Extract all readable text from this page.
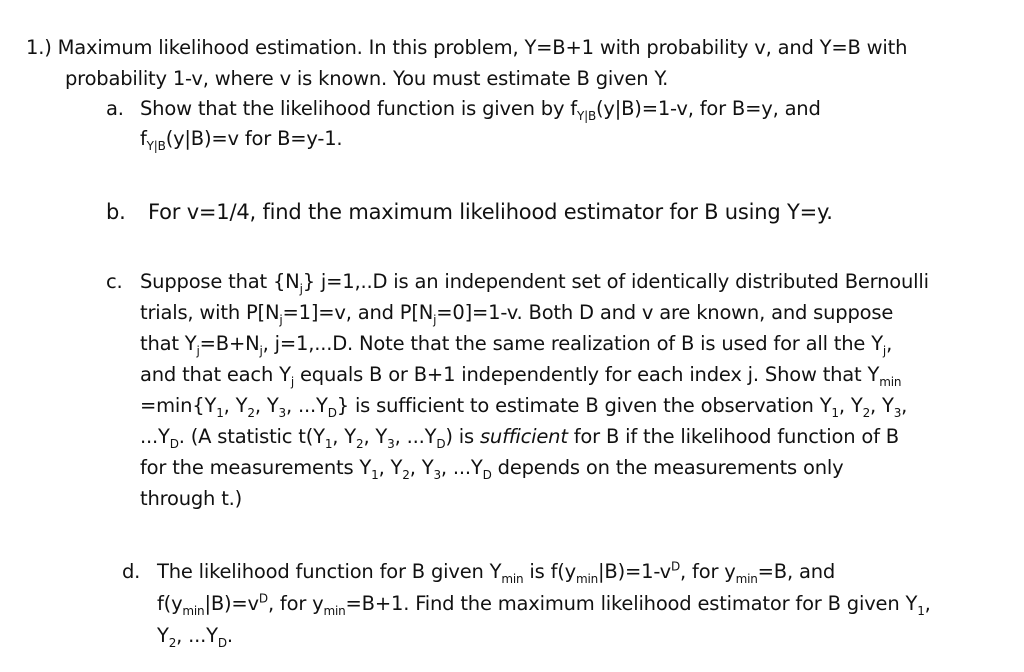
1.) Maximum likelihood estimation. In this problem, Y=B+1 with probability v, and Y=B with
probability 1-v, where v is known. You must estimate B given Y.
a. Show that the likelihood function is given by $f_{Y|B}(y|B)=1-v$, for B=y, and
$f_{Y|B}(y|B)=v$ for B=y-1.
b. For v=1/4, find the maximum likelihood estimator for B using Y=y.
c. Suppose that $\{N_j\}$ j=1,..D is an independent set of identically distributed Bernoulli
trials, with $P[N_j=1]=v$, and $P[N_j=0]=1-v$. Both D and v are known, and suppose
that $Y_j=B+N_j$, j=1,...D. Note that the same realization of B is used for all the $Y_j$,
and that each $Y_j$ equals B or B+1 independently for each index j. Show that $Y_{min}$
$=\min\{Y_1$, $Y_2$, $Y_3$, $...Y_D$} is sufficient to estimate B given the observation $Y_1$, $Y_2$, $Y_3$,
$...Y_D$. (A statistic $t(Y_1$, $Y_2$, $Y_3$, $...Y_D$) is sufficient for B if the likelihood function of B
for the measurements $Y_1$, $Y_2$, $Y_3$, $...Y_D$ depends on the measurements only
through t.)
d. The likelihood function for B given $Y_{min}$ is $f(y_{min}|B)=1-v^D$, for $y_{min}=B$, and
$f(y_{min}|B)=v^D$, for $y_{min}=B+1$. Find the maximum likelihood estimator for B given $Y_1$,
$Y_2$, $...Y_D$.
